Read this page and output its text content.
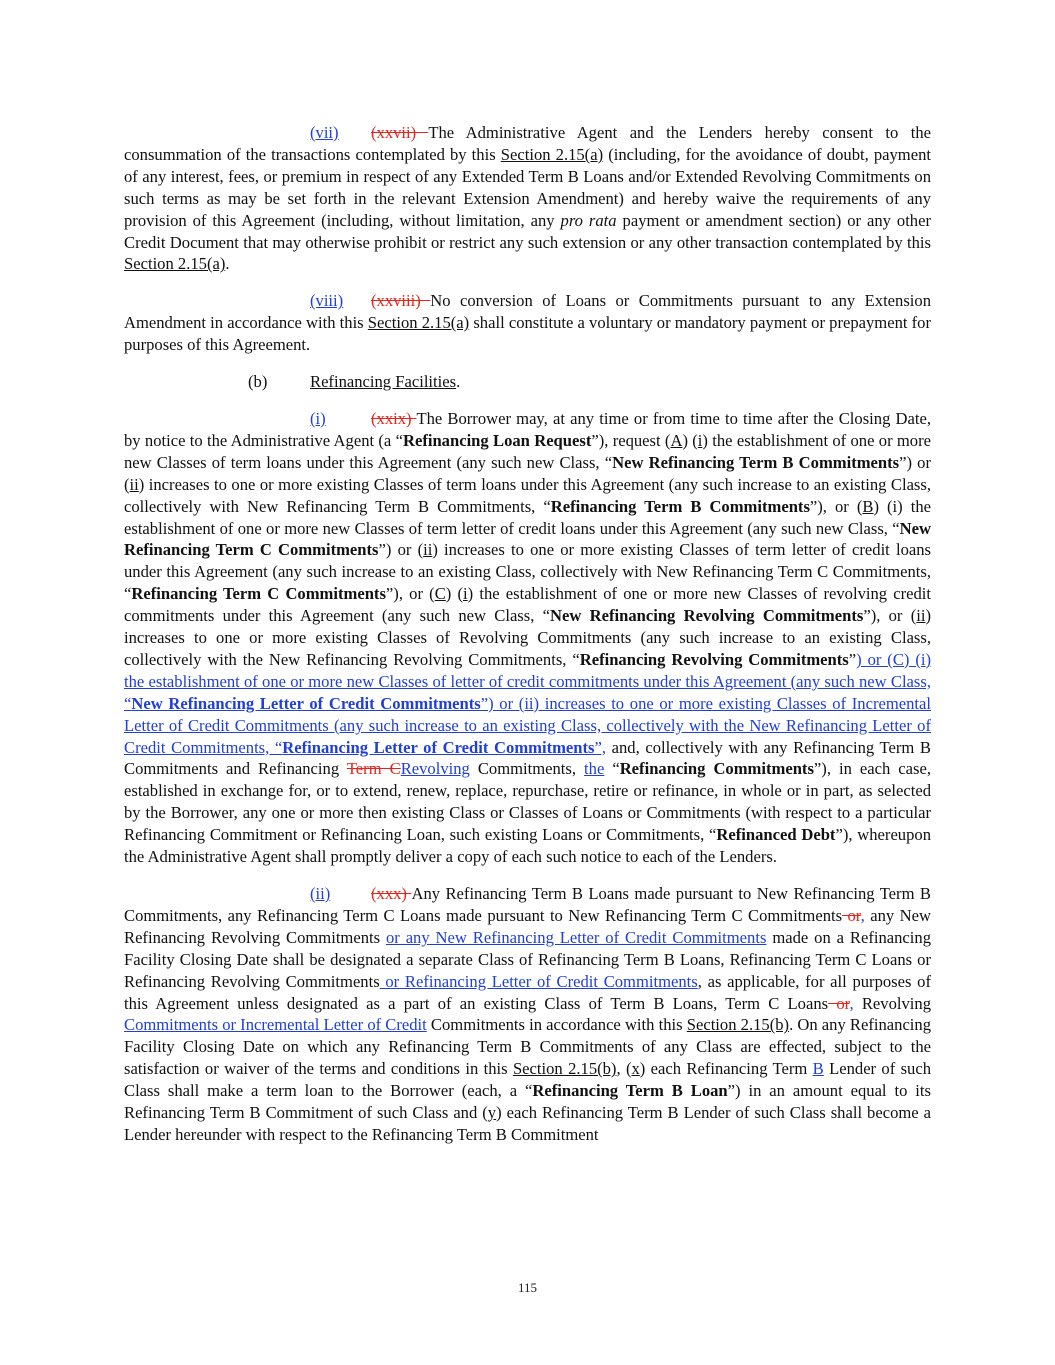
(vii) (xxvii) The Administrative Agent and the Lenders hereby consent to the consummation of the transactions contemplated by this Section 2.15(a) (including, for the avoidance of doubt, payment of any interest, fees, or premium in respect of any Extended Term B Loans and/or Extended Revolving Commitments on such terms as may be set forth in the relevant Extension Amendment) and hereby waive the requirements of any provision of this Agreement (including, without limitation, any pro rata payment or amendment section) or any other Credit Document that may otherwise prohibit or restrict any such extension or any other transaction contemplated by this Section 2.15(a).

(viii) (xxviii) No conversion of Loans or Commitments pursuant to any Extension Amendment in accordance with this Section 2.15(a) shall constitute a voluntary or mandatory payment or prepayment for purposes of this Agreement.

(b)	Refinancing Facilities.

(i)	(xxix) The Borrower may, at any time or from time to time after the Closing Date, by notice to the Administrative Agent (a “Refinancing Loan Request”), request (A) (i) the establishment of one or more new Classes of term loans under this Agreement (any such new Class, “New Refinancing Term B Commitments”) or (ii) increases to one or more existing Classes of term loans under this Agreement (any such increase to an existing Class, collectively with New Refinancing Term B Commitments, “Refinancing Term B Commitments”), or (B) (i) the establishment of one or more new Classes of term letter of credit loans under this Agreement (any such new Class, “New Refinancing Term C Commitments”) or (ii) increases to one or more existing Classes of term letter of credit loans under this Agreement (any such increase to an existing Class, collectively with New Refinancing Term C Commitments, “Refinancing Term C Commitments”), or (C) (i) the establishment of one or more new Classes of revolving credit commitments under this Agreement (any such new Class, “New Refinancing Revolving Commitments”), or (ii) increases to one or more existing Classes of Revolving Commitments (any such increase to an existing Class, collectively with the New Refinancing Revolving Commitments, “Refinancing Revolving Commitments”) or (C) (i) the establishment of one or more new Classes of letter of credit commitments under this Agreement (any such new Class, “New Refinancing Letter of Credit Commitments”) or (ii) increases to one or more existing Classes of Incremental Letter of Credit Commitments (any such increase to an existing Class, collectively with the New Refinancing Letter of Credit Commitments, “Refinancing Letter of Credit Commitments”, and, collectively with any Refinancing Term B Commitments and Refinancing Term CRevolving Commitments, the “Refinancing Commitments”), in each case, established in exchange for, or to extend, renew, replace, repurchase, retire or refinance, in whole or in part, as selected by the Borrower, any one or more then existing Class or Classes of Loans or Commitments (with respect to a particular Refinancing Commitment or Refinancing Loan, such existing Loans or Commitments, “Refinanced Debt”), whereupon the Administrative Agent shall promptly deliver a copy of each such notice to each of the Lenders.

(ii) (xxx) Any Refinancing Term B Loans made pursuant to New Refinancing Term B Commitments, any Refinancing Term C Loans made pursuant to New Refinancing Term C Commitments or, any New Refinancing Revolving Commitments or any New Refinancing Letter of Credit Commitments made on a Refinancing Facility Closing Date shall be designated a separate Class of Refinancing Term B Loans, Refinancing Term C Loans or Refinancing Revolving Commitments or Refinancing Letter of Credit Commitments, as applicable, for all purposes of this Agreement unless designated as a part of an existing Class of Term B Loans, Term C Loans or, Revolving Commitments or Incremental Letter of Credit Commitments in accordance with this Section 2.15(b). On any Refinancing Facility Closing Date on which any Refinancing Term B Commitments of any Class are effected, subject to the satisfaction or waiver of the terms and conditions in this Section 2.15(b), (x) each Refinancing Term B Lender of such Class shall make a term loan to the Borrower (each, a “Refinancing Term B Loan”) in an amount equal to its Refinancing Term B Commitment of such Class and (y) each Refinancing Term B Lender of such Class shall become a Lender hereunder with respect to the Refinancing Term B Commitment

115
